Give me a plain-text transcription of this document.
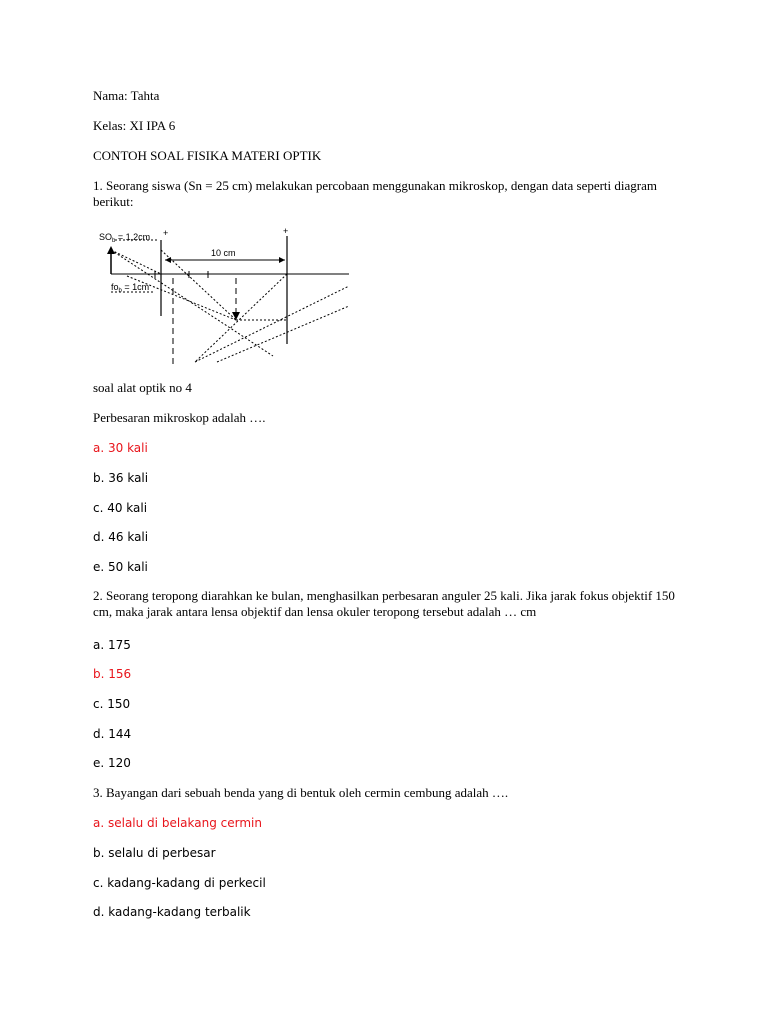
Nama: Tahta
Kelas: XI IPA 6
CONTOH SOAL FISIKA MATERI OPTIK
1. Seorang siswa (Sn = 25 cm) melakukan percobaan menggunakan mikroskop, dengan data seperti diagram berikut:
$SO_b = 1,2cm$ +	+
10 cm
$fo_b = 1cm$
soal alat optik no 4
Perbesaran mikroskop adalah ….
a. 30 kali
b. 36 kali
c. 40 kali
d. 46 kali
e. 50 kali
2. Seorang teropong diarahkan ke bulan, menghasilkan perbesaran anguler 25 kali. Jika jarak fokus objektif 150 cm, maka jarak antara lensa objektif dan lensa okuler teropong tersebut adalah … cm
a. 175
b. 156
c. 150
d. 144
e. 120
3. Bayangan dari sebuah benda yang di bentuk oleh cermin cembung adalah ….
a. selalu di belakang cermin
b. selalu di perbesar
c. kadang-kadang di perkecil
d. kadang-kadang terbalik
